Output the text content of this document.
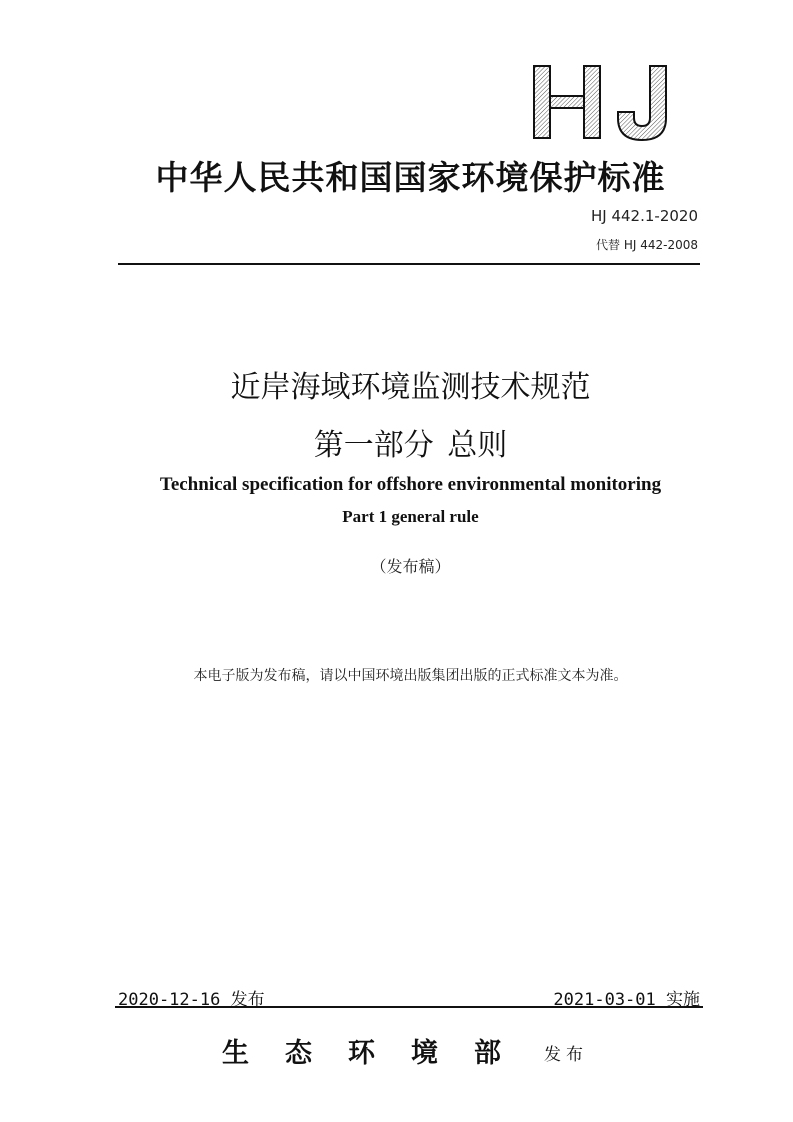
中华人民共和国国家环境保护标准
HJ 442.1-2020
代替 HJ 442-2008
近岸海域环境监测技术规范
第一部分 总则
Technical specification for offshore environmental monitoring
Part 1 general rule
（发布稿）
本电子版为发布稿，请以中国环境出版集团出版的正式标准文本为准。
2020-12-16 发布	2021-03-01 实施
生态环境部 发布
